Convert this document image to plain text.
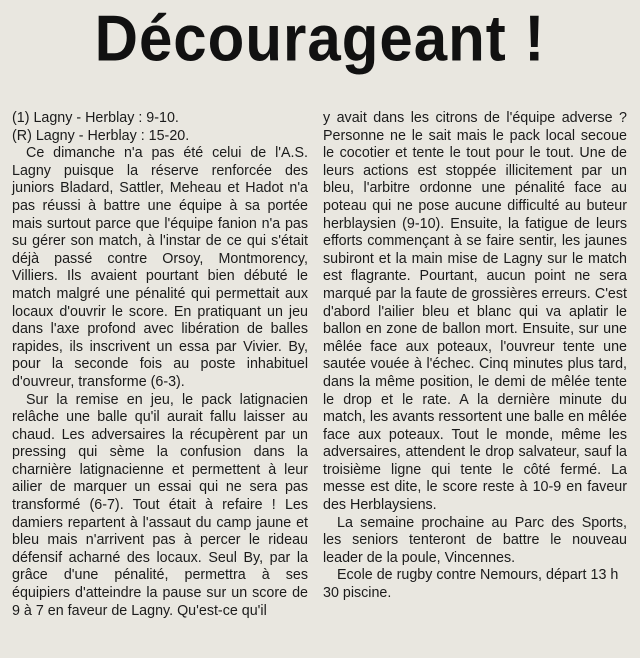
Décourageant !

(1) Lagny - Herblay : 9-10.

(R) Lagny - Herblay : 15-20.

Ce dimanche n'a pas été celui de l'A.S. Lagny puisque la réserve renforcée des juniors Bladard, Sattler, Meheau et Hadot n'a pas réussi à battre une équipe à sa portée mais surtout parce que l'équipe fanion n'a pas su gérer son match, à l'instar de ce qui s'était déjà passé contre Orsoy, Montmorency, Villiers. Ils avaient pourtant bien débuté le match malgré une pénalité qui permettait aux locaux d'ouvrir le score. En pratiquant un jeu dans l'axe profond avec libération de balles rapides, ils inscrivent un essa par Vivier. By, pour la seconde fois au poste inhabituel d'ouvreur, transforme (6-3).

Sur la remise en jeu, le pack latignacien relâche une balle qu'il aurait fallu laisser au chaud. Les adversaires la récupèrent par un pressing qui sème la confusion dans la charnière latignacienne et permettent à leur ailier de marquer un essai qui ne sera pas transformé (6-7). Tout était à refaire ! Les damiers repartent à l'assaut du camp jaune et bleu mais n'arrivent pas à percer le rideau défensif acharné des locaux. Seul By, par la grâce d'une pénalité, permettra à ses équipiers d'atteindre la pause sur un score de 9 à 7 en faveur de Lagny. Qu'est-ce qu'il

y avait dans les citrons de l'équipe adverse ? Personne ne le sait mais le pack local secoue le cocotier et tente le tout pour le tout. Une de leurs actions est stoppée illicitement par un bleu, l'arbitre ordonne une pénalité face au poteau qui ne pose aucune difficulté au buteur herblaysien (9-10). Ensuite, la fatigue de leurs efforts commençant à se faire sentir, les jaunes subiront et la main mise de Lagny sur le match est flagrante. Pourtant, aucun point ne sera marqué par la faute de grossières erreurs. C'est d'abord l'ailier bleu et blanc qui va aplatir le ballon en zone de ballon mort. Ensuite, sur une mêlée face aux poteaux, l'ouvreur tente une sautée vouée à l'échec. Cinq minutes plus tard, dans la même position, le demi de mêlée tente le drop et le rate. A la dernière minute du match, les avants ressortent une balle en mêlée face aux poteaux. Tout le monde, même les adversaires, attendent le drop salvateur, sauf la troisième ligne qui tente le côté fermé. La messe est dite, le score reste à 10-9 en faveur des Herblaysiens.

La semaine prochaine au Parc des Sports, les seniors tenteront de battre le nouveau leader de la poule, Vincennes.

Ecole de rugby contre Nemours, départ 13 h 30 piscine.
